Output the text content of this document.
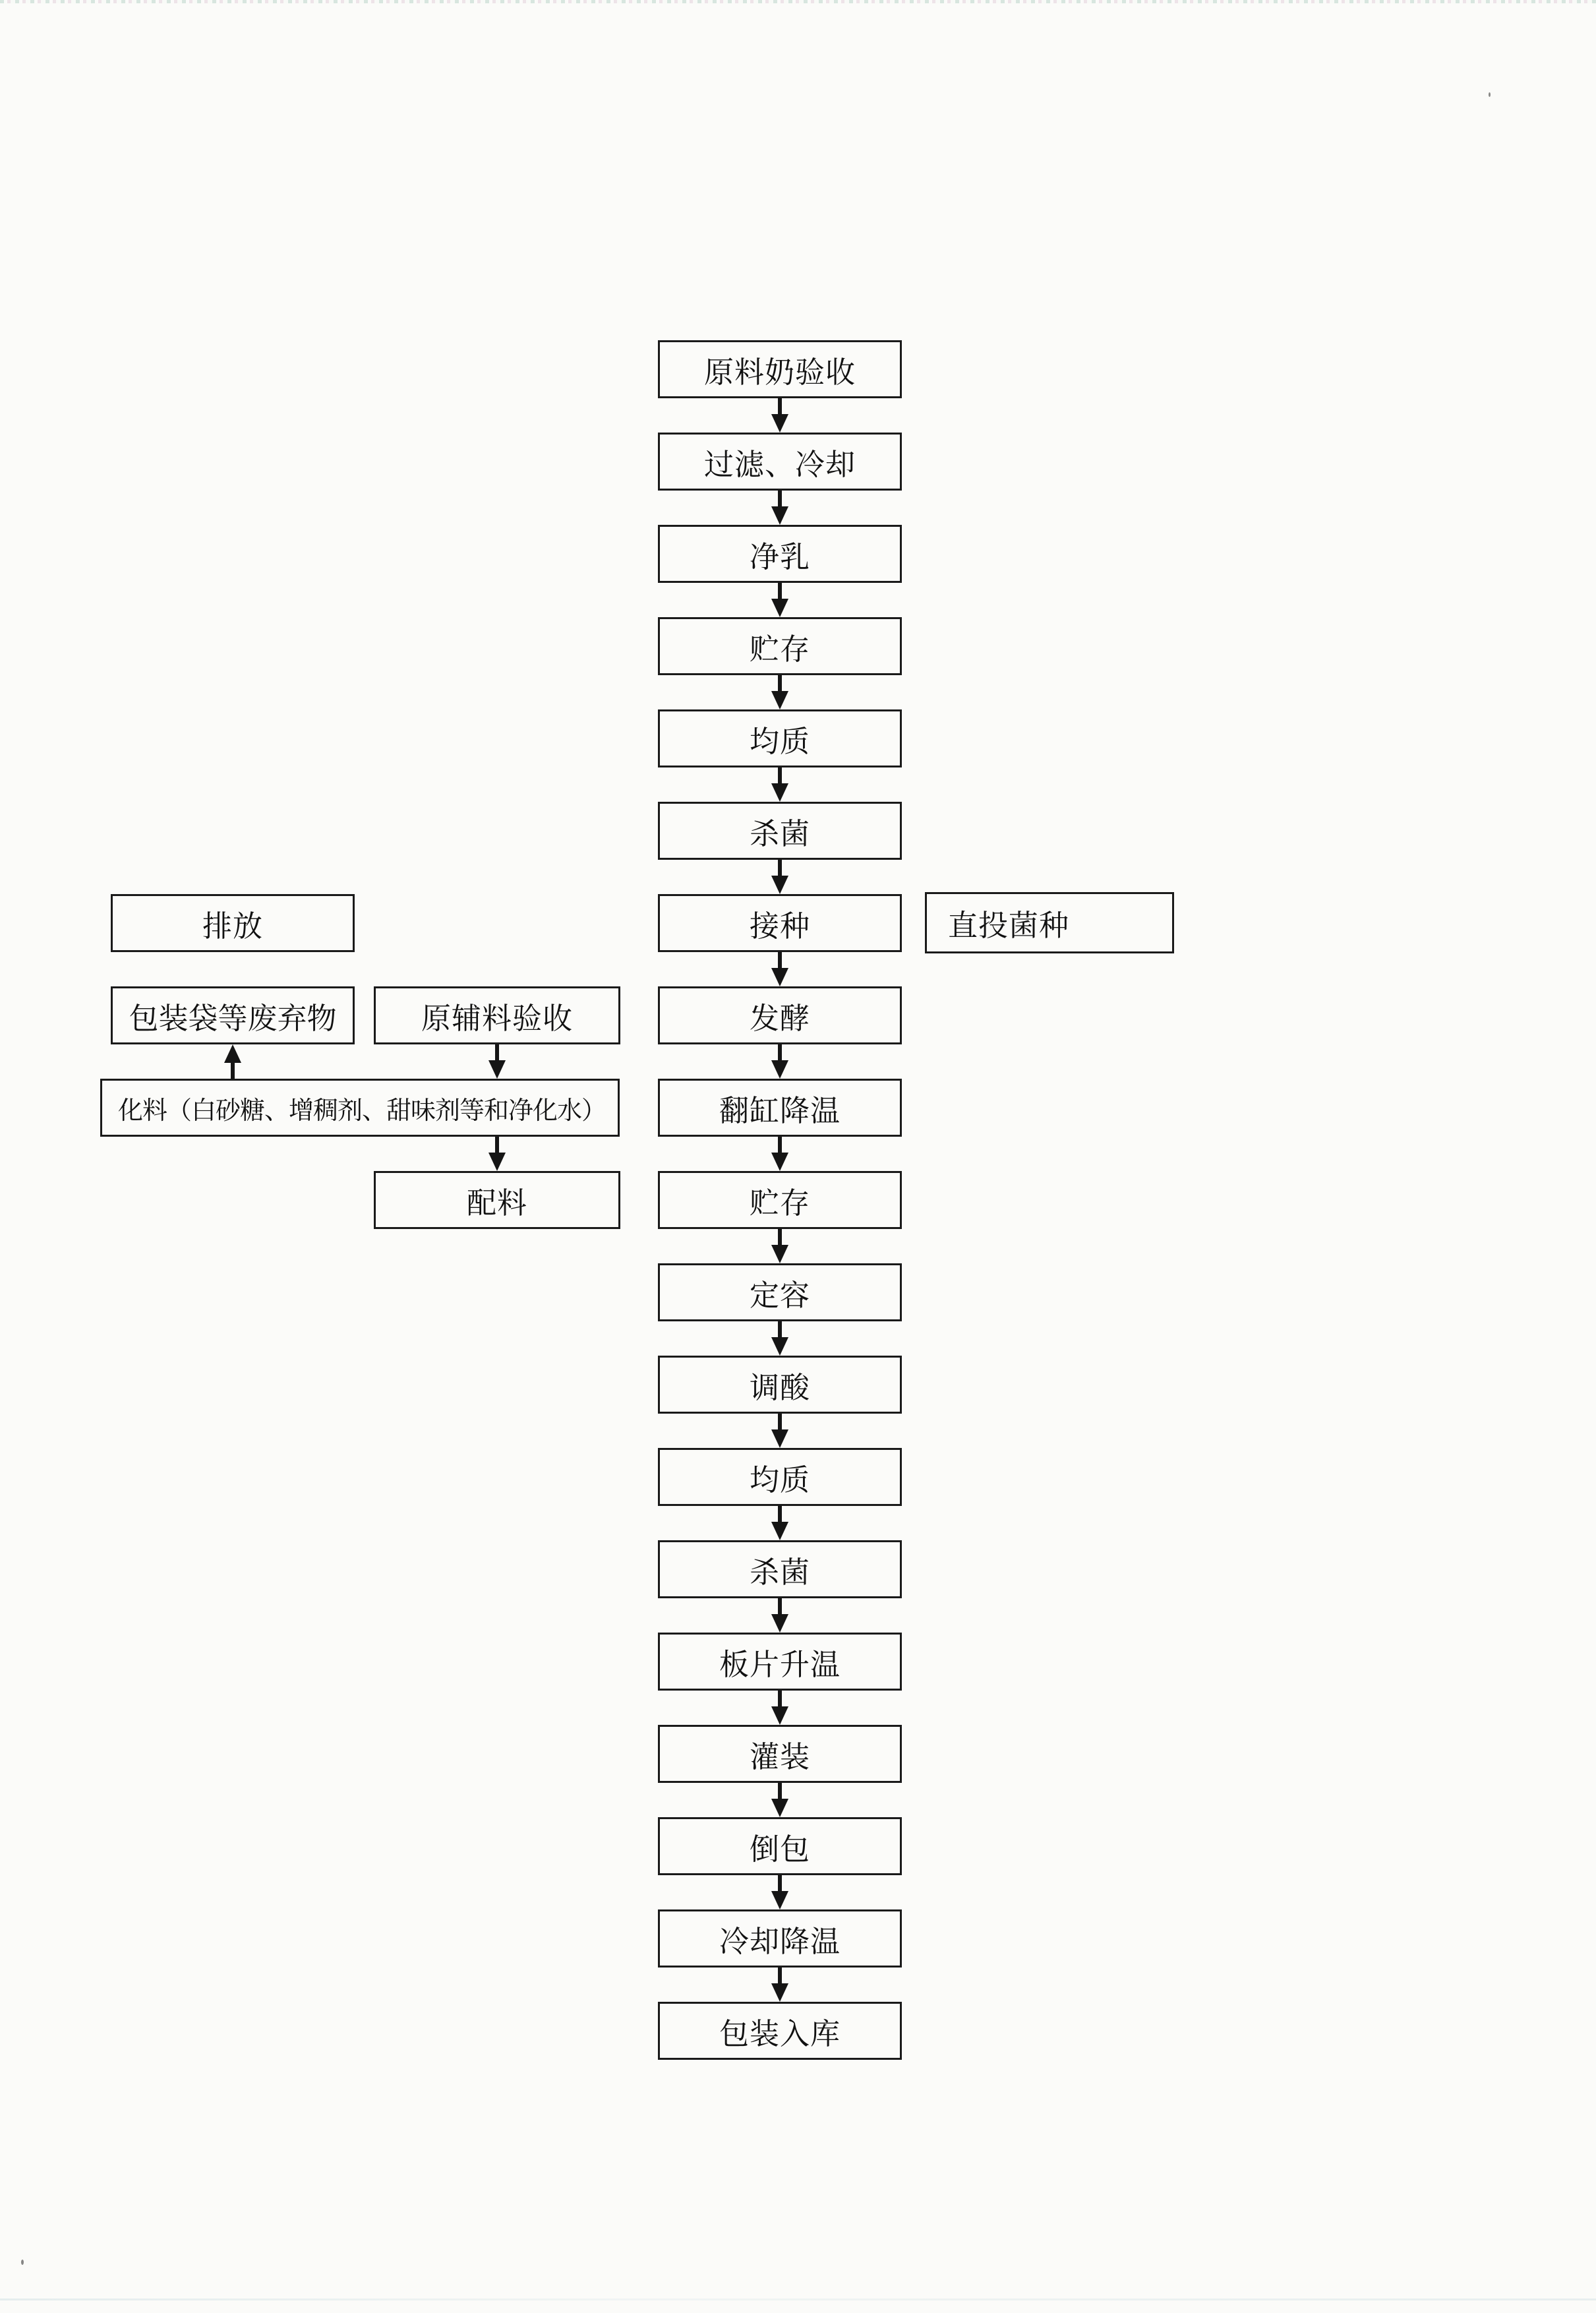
原料奶验收
过滤、冷却
净乳
贮存
均质
杀菌
接种
发酵
翻缸降温
贮存
定容
调酸
均质
杀菌
板片升温
灌装
倒包
冷却降温
包装入库
直投菌种
排放
包装袋等废弃物	原辅料验收
化料（白砂糖、增稠剂、甜味剂等和净化水）
配料
